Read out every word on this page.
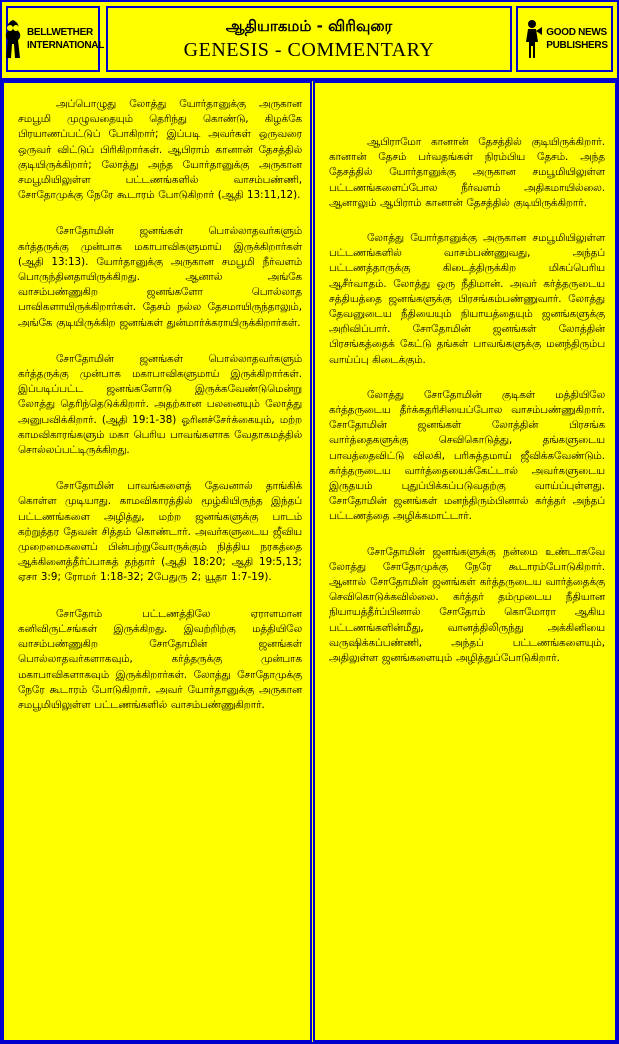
BELLWETHER
INTERNATIONAL
ஆதியாகமம் - விரிவுரை
GENESIS - COMMENTARY
GOOD NEWS
PUBLISHERS

அப்பொழுது லோத்து யோர்தானுக்கு அருகான சமபூமி முழுவதையும் தெரிந்து கொண்டு, கிழக்கே பிரயாணப்பட்டுப் போகிறார்; இப்படி அவர்கள் ஒருவரை ஒருவர் விட்டுப் பிரிகிறார்கள். ஆபிராம் கானான் தேசத்தில் குடியிருக்கிறார்; லோத்து அந்த யோர்தானுக்கு அருகான சமபூமியிலுள்ள பட்டணங்களில் வாசம்பண்ணி, சோதோமுக்கு நேரே கூடாரம் போடுகிறார் (ஆதி 13:11,12).

சோதோமின் ஜனங்கள் பொல்லாதவர்களும் கர்த்தருக்கு முன்பாக மகாபாவிகளுமாய் இருக்கிறார்கள் (ஆதி 13:13). யோர்தானுக்கு அருகான சமபூமி நீர்வளம் பொருந்தினதாயிருக்கிறது. ஆனால் அங்கே வாசம்பண்ணுகிற ஜனங்களோ பொல்லாத பாவிகளாயிருக்கிறார்கள். தேசம் நல்ல தேசமாயிருந்தாலும், அங்கே குடியிருக்கிற ஜனங்கள் துன்மார்க்கராயிருக்கிறார்கள்.

சோதோமின் ஜனங்கள் பொல்லாதவர்களும் கர்த்தருக்கு முன்பாக மகாபாவிகளுமாய் இருக்கிறார்கள். இப்படிப்பட்ட ஜனங்களோடு இருக்கவேண்டுமென்று லோத்து தெரிந்தெடுக்கிறார். அதற்கான பலனையும் லோத்து அனுபவிக்கிறார். (ஆதி 19:1-38) ஓரினச்சேர்க்கையும், மற்ற காமவிகாரங்களும் மகா பெரிய பாவங்களாக வேதாகமத்தில் சொல்லப்பட்டிருக்கிறது.

சோதோமின் பாவங்களைத் தேவனால் தாங்கிக் கொள்ள முடியாது. காமவிகாரத்தில் மூழ்கியிருந்த இந்தப் பட்டணங்களை அழித்து, மற்ற ஜனங்களுக்கு பாடம் கற்றுத்தர தேவன் சித்தம் கொண்டார். அவர்களுடைய ஜீவிய முறைமைகளைப் பின்பற்றுவோருக்கும் நித்திய நரகத்தை ஆக்கினைத்தீர்ப்பாகத் தந்தார் (ஆதி 18:20; ஆதி 19:5,13; ஏசா 3:9; ரோமர் 1:18-32; 2பேதுரு 2; யூதா 1:7-19).

சோதோம் பட்டணத்திலே ஏராளமான கனிவிருட்சங்கள் இருக்கிறது. இவற்றிற்கு மத்தியிலே வாசம்பண்ணுகிற சோதோமின் ஜனங்கள் பொல்லாதவர்களாகவும், கர்த்தருக்கு முன்பாக மகாபாவிகளாகவும் இருக்கிறார்கள். லோத்து சோதோமுக்கு நேரே கூடாரம் போடுகிறார். அவர் யோர்தானுக்கு அருகான சமபூமியிலுள்ள பட்டணங்களில் வாசம்பண்ணுகிறார்.

ஆபிராமோ கானான் தேசத்தில் குடியிருக்கிறார். கானான் தேசம் பர்வதங்கள் நிரம்பிய தேசம். அந்த தேசத்தில் யோர்தானுக்கு அருகான சமபூமியிலுள்ள பட்டணங்களைப்போல நீர்வளம் அதிகமாயில்லை. ஆனாலும் ஆபிராம் கானான் தேசத்தில் குடியிருக்கிறார்.

லோத்து யோர்தானுக்கு அருகான சமபூமியிலுள்ள பட்டணங்களில் வாசம்பண்ணுவது, அந்தப் பட்டணத்தாருக்கு கிடைத்திருக்கிற மிகப்பெரிய ஆசீர்வாதம். லோத்து ஒரு நீதிமான். அவர் கர்த்தருடைய சத்தியத்தை ஜனங்களுக்கு பிரசங்கம்பண்ணுவார். லோத்து தேவனுடைய நீதியையும் நியாயத்தையும் ஜனங்களுக்கு அறிவிப்பார். சோதோமின் ஜனங்கள் லோத்தின் பிரசங்கத்தைக் கேட்டு தங்கள் பாவங்களுக்கு மனந்திரும்ப வாய்ப்பு கிடைக்கும்.

லோத்து சோதோமின் குடிகள் மத்தியிலே கர்த்தருடைய தீர்க்கதரிசியைப்போல வாசம்பண்ணுகிறார். சோதோமின் ஜனங்கள் லோத்தின் பிரசங்க வார்த்தைகளுக்கு செவிகொடுத்து, தங்களுடைய பாவத்தைவிட்டு விலகி, பரிசுத்தமாய் ஜீவிக்கவேண்டும். கர்த்தருடைய வார்த்தையைக்கேட்டால் அவர்களுடைய இருதயம் புதுப்பிக்கப்படுவதற்கு வாய்ப்புள்ளது. சோதோமின் ஜனங்கள் மனந்திரும்பினால் கர்த்தர் அந்தப் பட்டணத்தை அழிக்கமாட்டார்.

சோதோமின் ஜனங்களுக்கு நன்மை உண்டாகவே லோத்து சோதோமுக்கு நேரே கூடாரம்போடுகிறார். ஆனால் சோதோமின் ஜனங்கள் கர்த்தருடைய வார்த்தைக்கு செவிகொடுக்கவில்லை. கர்த்தர் தம்முடைய நீதியான நியாயத்தீர்ப்பினால் சோதோம் கொமோரா ஆகிய பட்டணங்களின்மீது, வானத்திலிருந்து அக்கினியை வருஷிக்கப்பண்ணி, அந்தப் பட்டணங்களையும், அதிலுள்ள ஜனங்களையும் அழித்துப்போடுகிறார்.
